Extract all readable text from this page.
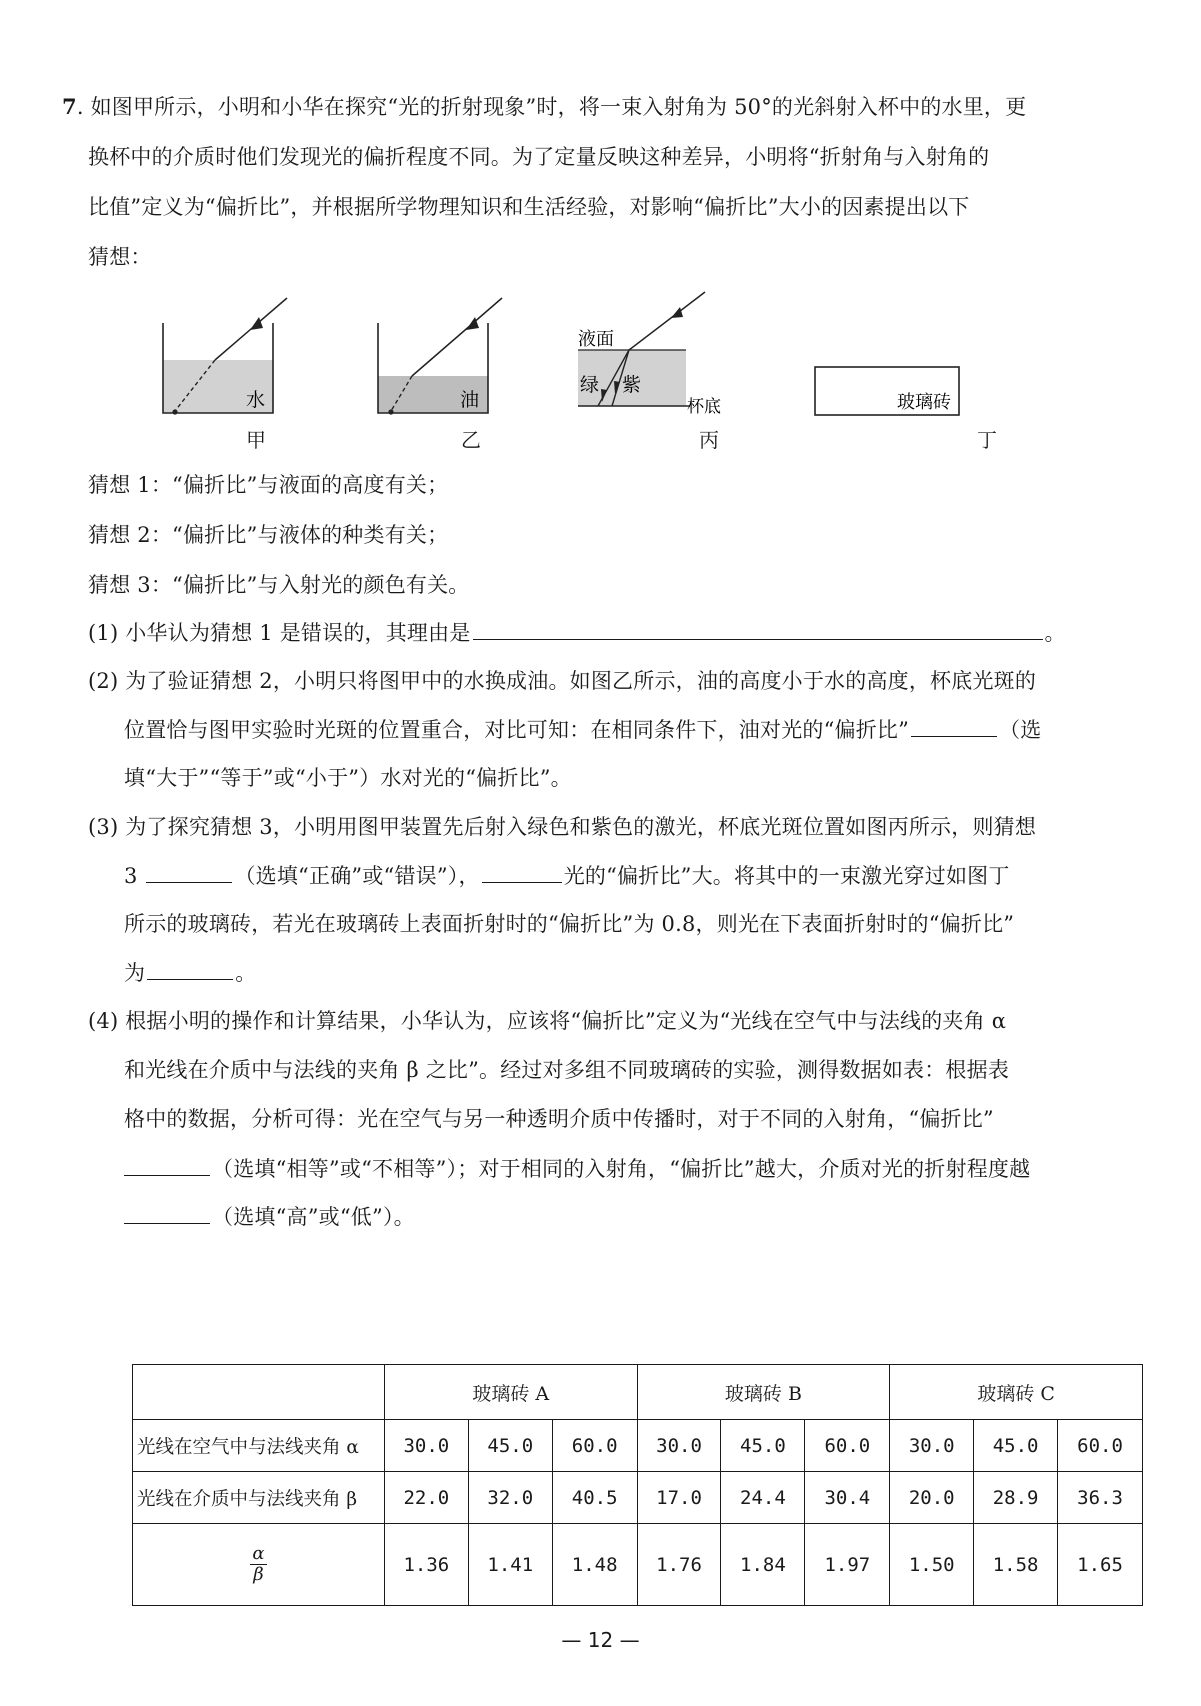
7. 如图甲所示，小明和小华在探究“光的折射现象”时，将一束入射角为 50°的光斜射入杯中的水里，更
换杯中的介质时他们发现光的偏折程度不同。为了定量反映这种差异，小明将“折射角与入射角的
比值”定义为“偏折比”，并根据所学物理知识和生活经验，对影响“偏折比”大小的因素提出以下
猜想：
水	油
液面
绿 紫
杯底	玻璃砖
甲	乙	丙	丁
猜想 1：“偏折比”与液面的高度有关；
猜想 2：“偏折比”与液体的种类有关；
猜想 3：“偏折比”与入射光的颜色有关。
(1) 小华认为猜想 1 是错误的，其理由是	。
(2) 为了验证猜想 2，小明只将图甲中的水换成油。如图乙所示，油的高度小于水的高度，杯底光斑的
位置恰与图甲实验时光斑的位置重合，对比可知：在相同条件下，油对光的“偏折比”	（选
填“大于”“等于”或“小于”）水对光的“偏折比”。
(3) 为了探究猜想 3，小明用图甲装置先后射入绿色和紫色的激光，杯底光斑位置如图丙所示，则猜想
3	（选填“正确”或“错误”），	光的“偏折比”大。将其中的一束激光穿过如图丁
所示的玻璃砖，若光在玻璃砖上表面折射时的“偏折比”为 0.8，则光在下表面折射时的“偏折比”
为	。
(4) 根据小明的操作和计算结果，小华认为，应该将“偏折比”定义为“光线在空气中与法线的夹角 α
和光线在介质中与法线的夹角 β 之比”。经过对多组不同玻璃砖的实验，测得数据如表：根据表
格中的数据，分析可得：光在空气与另一种透明介质中传播时，对于不同的入射角，“偏折比”
（选填“相等”或“不相等”）；对于相同的入射角，“偏折比”越大，介质对光的折射程度越
（选填“高”或“低”）。
	玻璃砖 A			玻璃砖 B			玻璃砖 C		
光线在空气中与法线夹角 α	30.0	45.0	60.0	30.0	45.0	60.0	30.0	45.0	60.0
光线在介质中与法线夹角 β	22.0	32.0	40.5	17.0	24.4	30.4	20.0	28.9	36.3

$\frac{\alpha}{\beta}$	1.36	1.41	1.48	1.76	1.84	1.97	1.50	1.58	1.65
— 12 —
